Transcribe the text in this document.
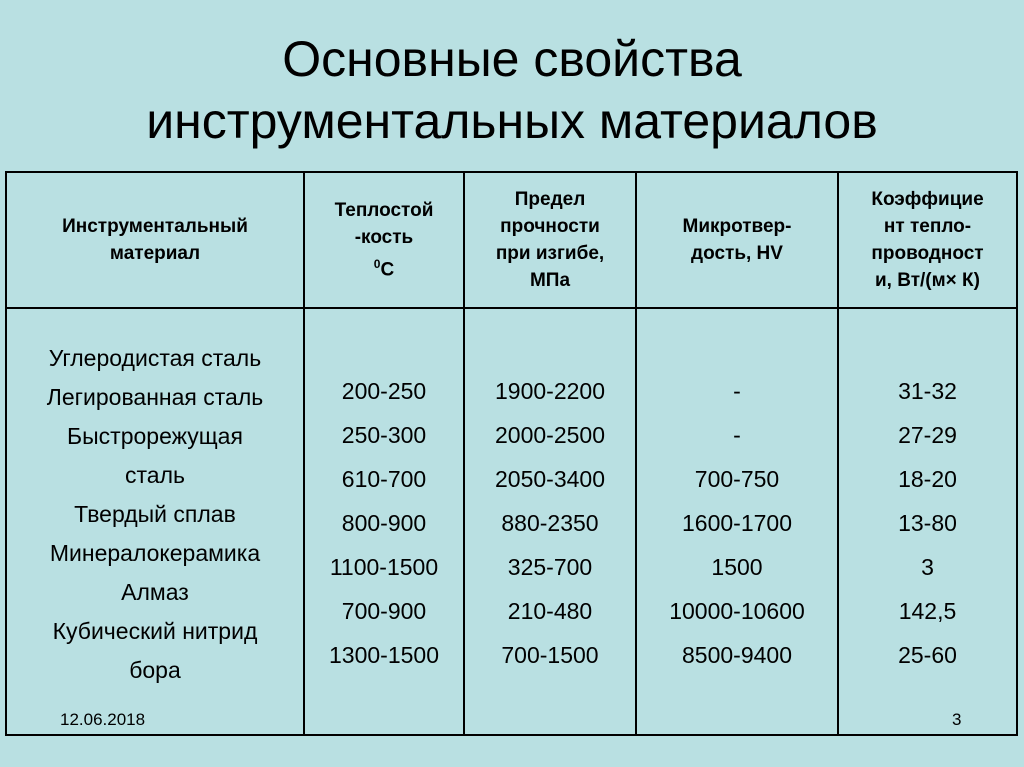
Основные свойства
инструментальных материалов
Инструментальный
материал
Теплостой
-кость
$^0$С
Предел
прочности
при изгибе,
МПа
Микротвер-
дость, HV
Коэффицие
нт тепло-
проводност
и, Вт/(м× К)
Углеродистая сталь
Легированная сталь
Быстрорежущая
сталь
Твердый сплав
Минералокерамика
Алмаз
Кубический нитрид
бора
200-250
250-300
610-700
800-900
1100-1500
700-900
1300-1500
1900-2200
2000-2500
2050-3400
880-2350
325-700
210-480
700-1500
-
-
700-750
1600-1700
1500
10000-10600
8500-9400
31-32
27-29
18-20
13-80
3
142,5
25-60
12.06.2018	3
